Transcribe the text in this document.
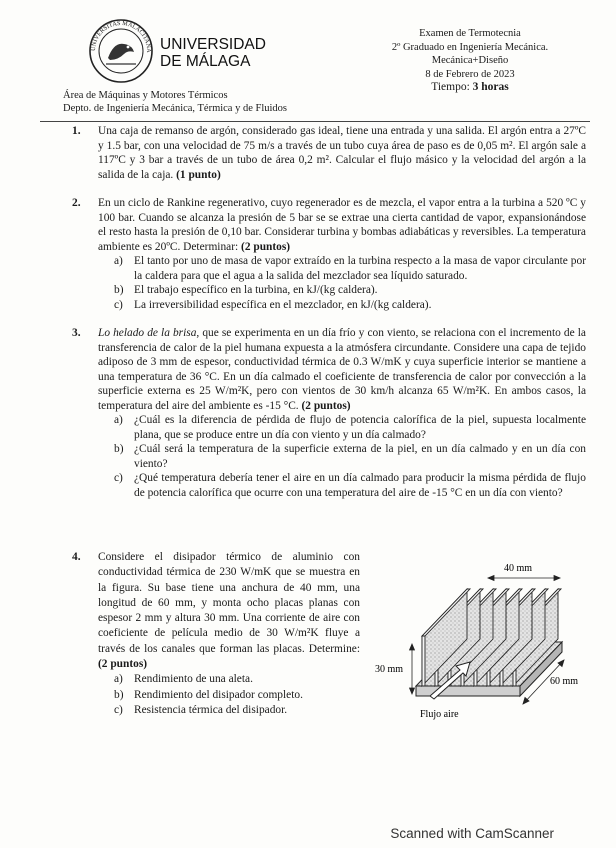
UNIVERSITAS MALACITANA UNIVERSIDAD
DE MÁLAGA
Examen de Termotecnia
2º Graduado en Ingeniería Mecánica.
Mecánica+Diseño
8 de Febrero de 2023
Tiempo: 3 horas
Área de Máquinas y Motores Térmicos
Depto. de Ingeniería Mecánica, Térmica y de Fluidos
1. Una caja de remanso de argón, considerado gas ideal, tiene una entrada y una salida. El argón entra a 27ºC y 1.5 bar, con una velocidad de 75 m/s a través de un tubo cuya área de paso es de 0,05 m². El argón sale a 117ºC y 3 bar a través de un tubo de área 0,2 m². Calcular el flujo másico y la velocidad del argón a la salida de la caja. (1 punto)
2. En un ciclo de Rankine regenerativo, cuyo regenerador es de mezcla, el vapor entra a la turbina a 520 ºC y 100 bar. Cuando se alcanza la presión de 5 bar se se extrae una cierta cantidad de vapor, expansionándose el resto hasta la presión de 0,10 bar. Considerar turbina y bombas adiabáticas y reversibles. La temperatura ambiente es 20ºC. Determinar: (2 puntos)
a) El tanto por uno de masa de vapor extraído en la turbina respecto a la masa de vapor circulante por la caldera para que el agua a la salida del mezclador sea líquido saturado.
b) El trabajo específico en la turbina, en kJ/(kg caldera).
c) La irreversibilidad específica en el mezclador, en kJ/(kg caldera).
3. Lo helado de la brisa, que se experimenta en un día frío y con viento, se relaciona con el incremento de la transferencia de calor de la piel humana expuesta a la atmósfera circundante. Considere una capa de tejido adiposo de 3 mm de espesor, conductividad térmica de 0.3 W/mK y cuya superficie interior se mantiene a una temperatura de 36 °C. En un día calmado el coeficiente de transferencia de calor por convección a la superficie externa es 25 W/m²K, pero con vientos de 30 km/h alcanza 65 W/m²K. En ambos casos, la temperatura del aire del ambiente es -15 °C. (2 puntos)
a) ¿Cuál es la diferencia de pérdida de flujo de potencia calorífica de la piel, supuesta localmente plana, que se produce entre un día con viento y un día calmado?
b) ¿Cuál será la temperatura de la superficie externa de la piel, en un día calmado y en un día con viento?
c) ¿Qué temperatura debería tener el aire en un día calmado para producir la misma pérdida de flujo de potencia calorífica que ocurre con una temperatura del aire de -15 °C en un día con viento?
4. Considere el disipador térmico de aluminio con conductividad térmica de 230 W/mK que se muestra en la figura. Su base tiene una anchura de 40 mm, una longitud de 60 mm, y monta ocho placas planas con espesor 2 mm y altura 30 mm. Una corriente de aire con coeficiente de película medio de 30 W/m²K fluye a través de los canales que forman las placas. Determine: (2 puntos)
a) Rendimiento de una aleta.
b) Rendimiento del disipador completo.
c) Resistencia térmica del disipador.
40 mm
30 mm
60 mm
Flujo aire
Scanned with CamScanner
